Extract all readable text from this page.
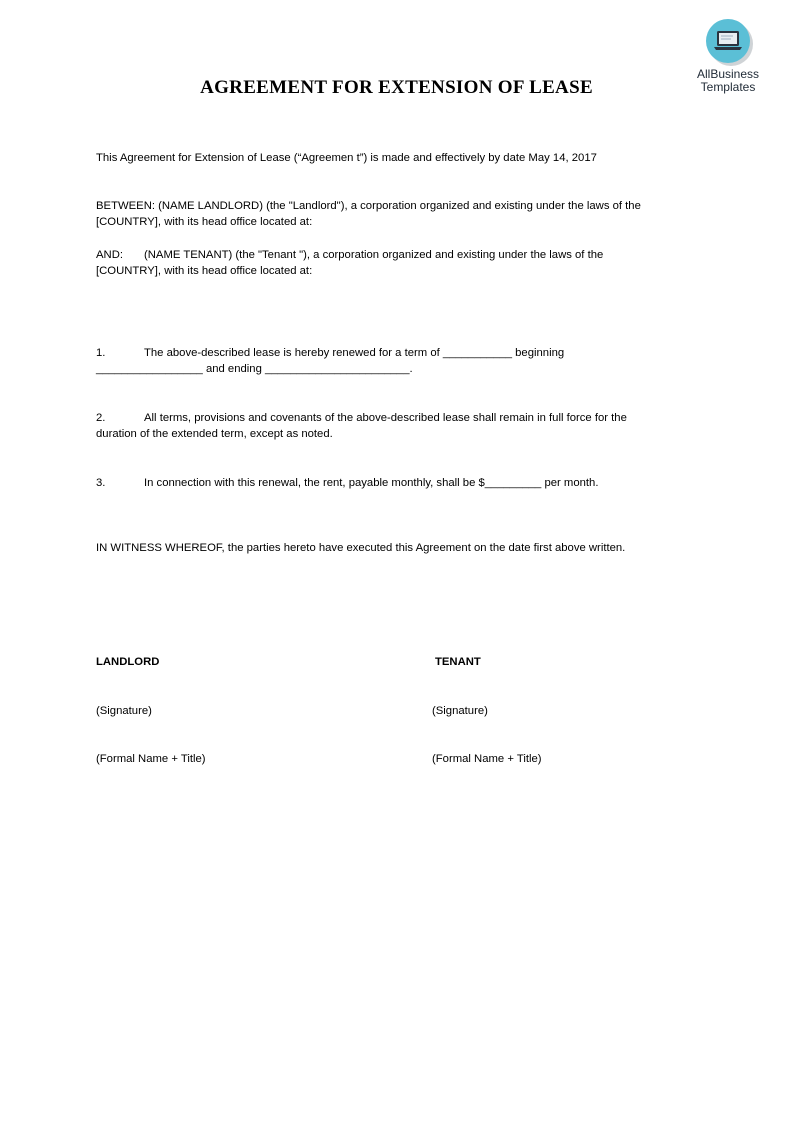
AllBusiness
Templates
AGREEMENT FOR EXTENSION OF LEASE
This Agreement for Extension of Lease (“Agreemen t”) is made and effectively by date May 14, 2017
BETWEEN: (NAME LANDLORD) (the "Landlord"), a corporation organized and existing under the laws of the
[COUNTRY], with its head office located at:
AND: (NAME TENANT) (the "Tenant "), a corporation organized and existing under the laws of the
[COUNTRY], with its head office located at:
1.	The above-described lease is hereby renewed for a term of ___________ beginning
_________________ and ending _______________________.
2.	All terms, provisions and covenants of the above-described lease shall remain in full force for the
duration of the extended term, except as noted.
3.	In connection with this renewal, the rent, payable monthly, shall be $_________ per month.
IN WITNESS WHEREOF, the parties hereto have executed this Agreement on the date first above written.
LANDLORD	TENANT
(Signature)	(Signature)
(Formal Name + Title)	(Formal Name + Title)
